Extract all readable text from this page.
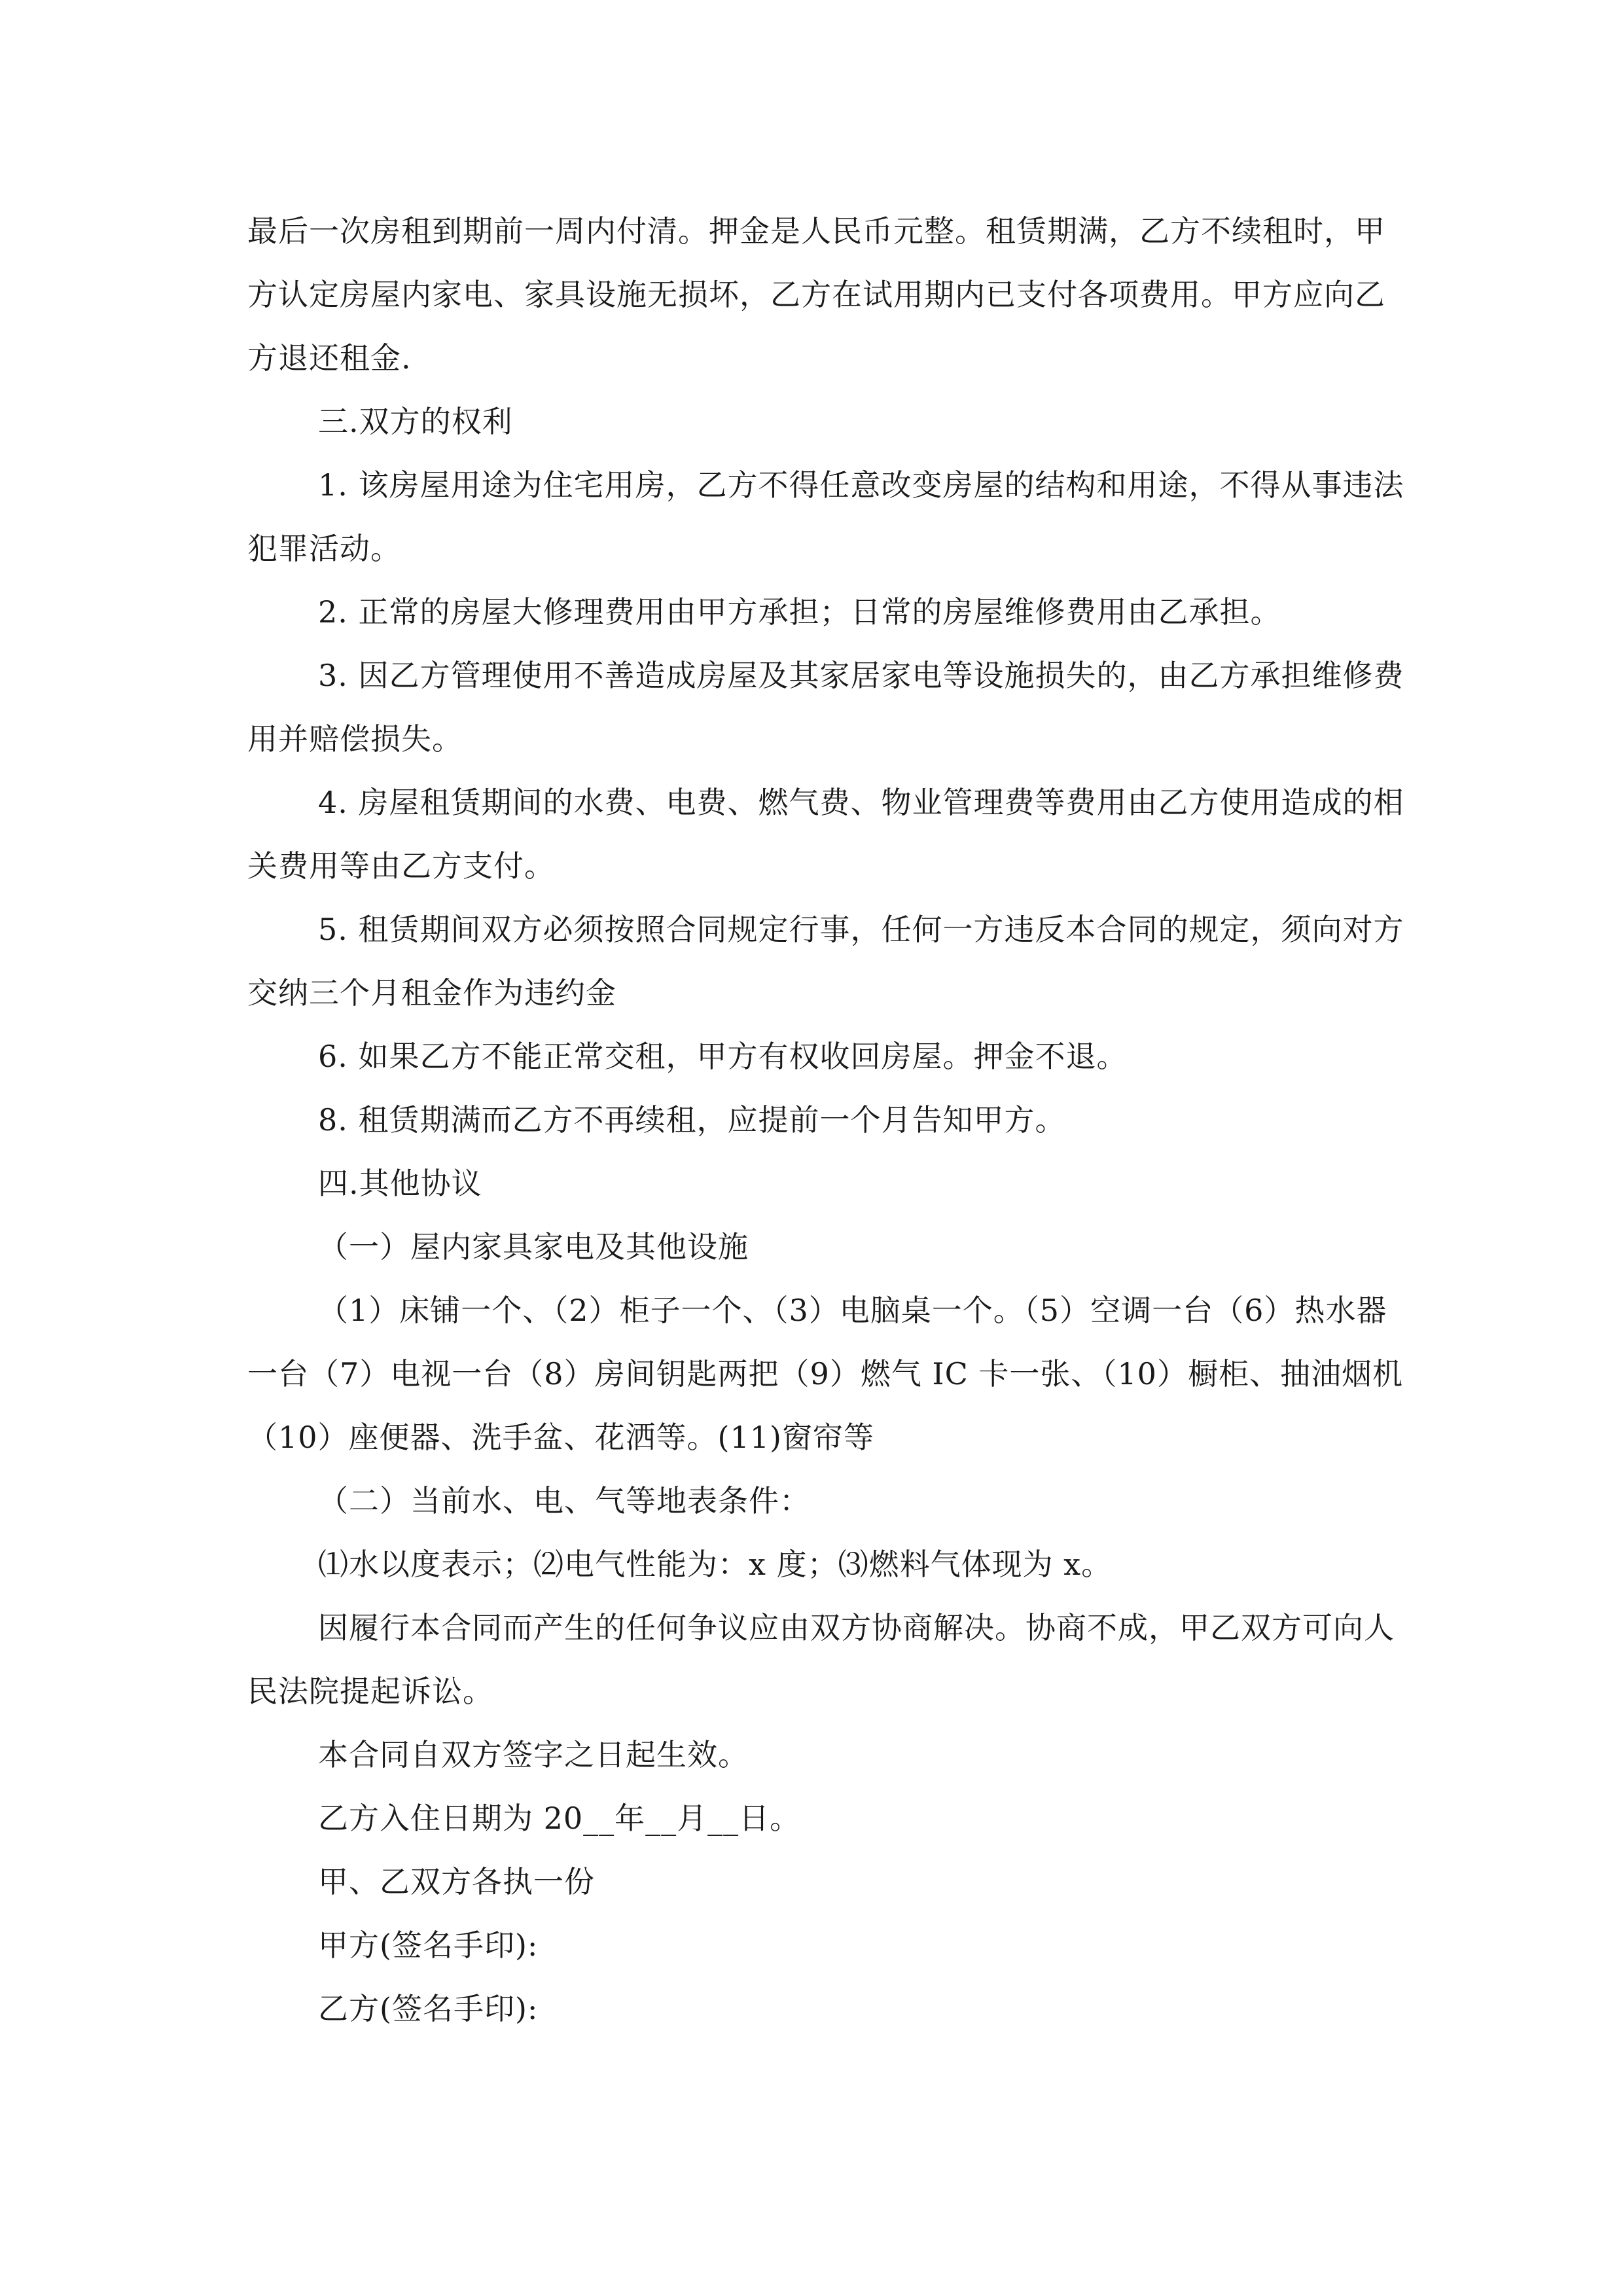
最后一次房租到期前一周内付清。押金是人民币元整。租赁期满，乙方不续租时，甲方认定房屋内家电、家具设施无损坏，乙方在试用期内已支付各项费用。甲方应向乙方退还租金.

三.双方的权利

1. 该房屋用途为住宅用房，乙方不得任意改变房屋的结构和用途，不得从事违法犯罪活动。

2. 正常的房屋大修理费用由甲方承担；日常的房屋维修费用由乙承担。

3. 因乙方管理使用不善造成房屋及其家居家电等设施损失的，由乙方承担维修费用并赔偿损失。

4. 房屋租赁期间的水费、电费、燃气费、物业管理费等费用由乙方使用造成的相关费用等由乙方支付。

5. 租赁期间双方必须按照合同规定行事，任何一方违反本合同的规定，须向对方交纳三个月租金作为违约金

6. 如果乙方不能正常交租，甲方有权收回房屋。押金不退。

8. 租赁期满而乙方不再续租，应提前一个月告知甲方。

四.其他协议

（一）屋内家具家电及其他设施

（1）床铺一个、（2）柜子一个、（3）电脑桌一个。（5）空调一台（6）热水器一台（7）电视一台（8）房间钥匙两把（9）燃气 IC 卡一张、（10）橱柜、抽油烟机（10）座便器、洗手盆、花洒等。(11)窗帘等

（二）当前水、电、气等地表条件：

⑴水以度表示；⑵电气性能为：x 度；⑶燃料气体现为 x。

因履行本合同而产生的任何争议应由双方协商解决。协商不成，甲乙双方可向人民法院提起诉讼。

本合同自双方签字之日起生效。

乙方入住日期为 20__年__月__日。

甲、乙双方各执一份

甲方(签名手印):

乙方(签名手印):
